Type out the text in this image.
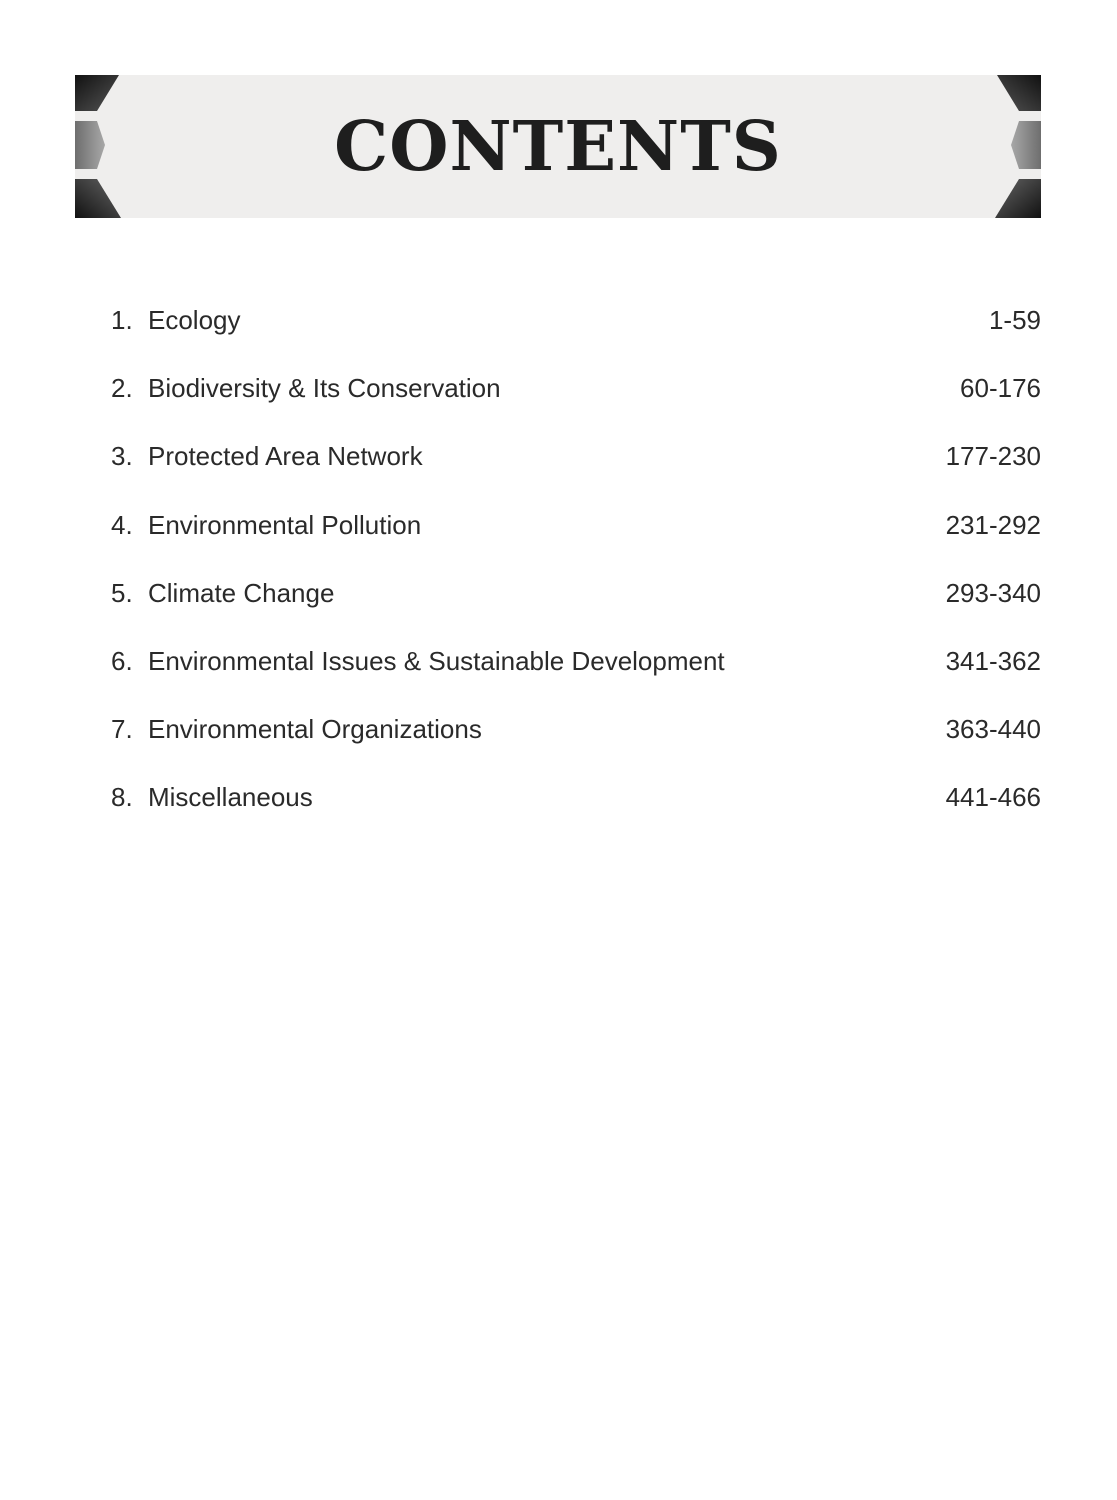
CONTENTS
1. Ecology	1-59
2. Biodiversity & Its Conservation	60-176
3. Protected Area Network	177-230
4. Environmental Pollution	231-292
5. Climate Change	293-340
6. Environmental Issues & Sustainable Development	341-362
7. Environmental Organizations	363-440
8. Miscellaneous	441-466
